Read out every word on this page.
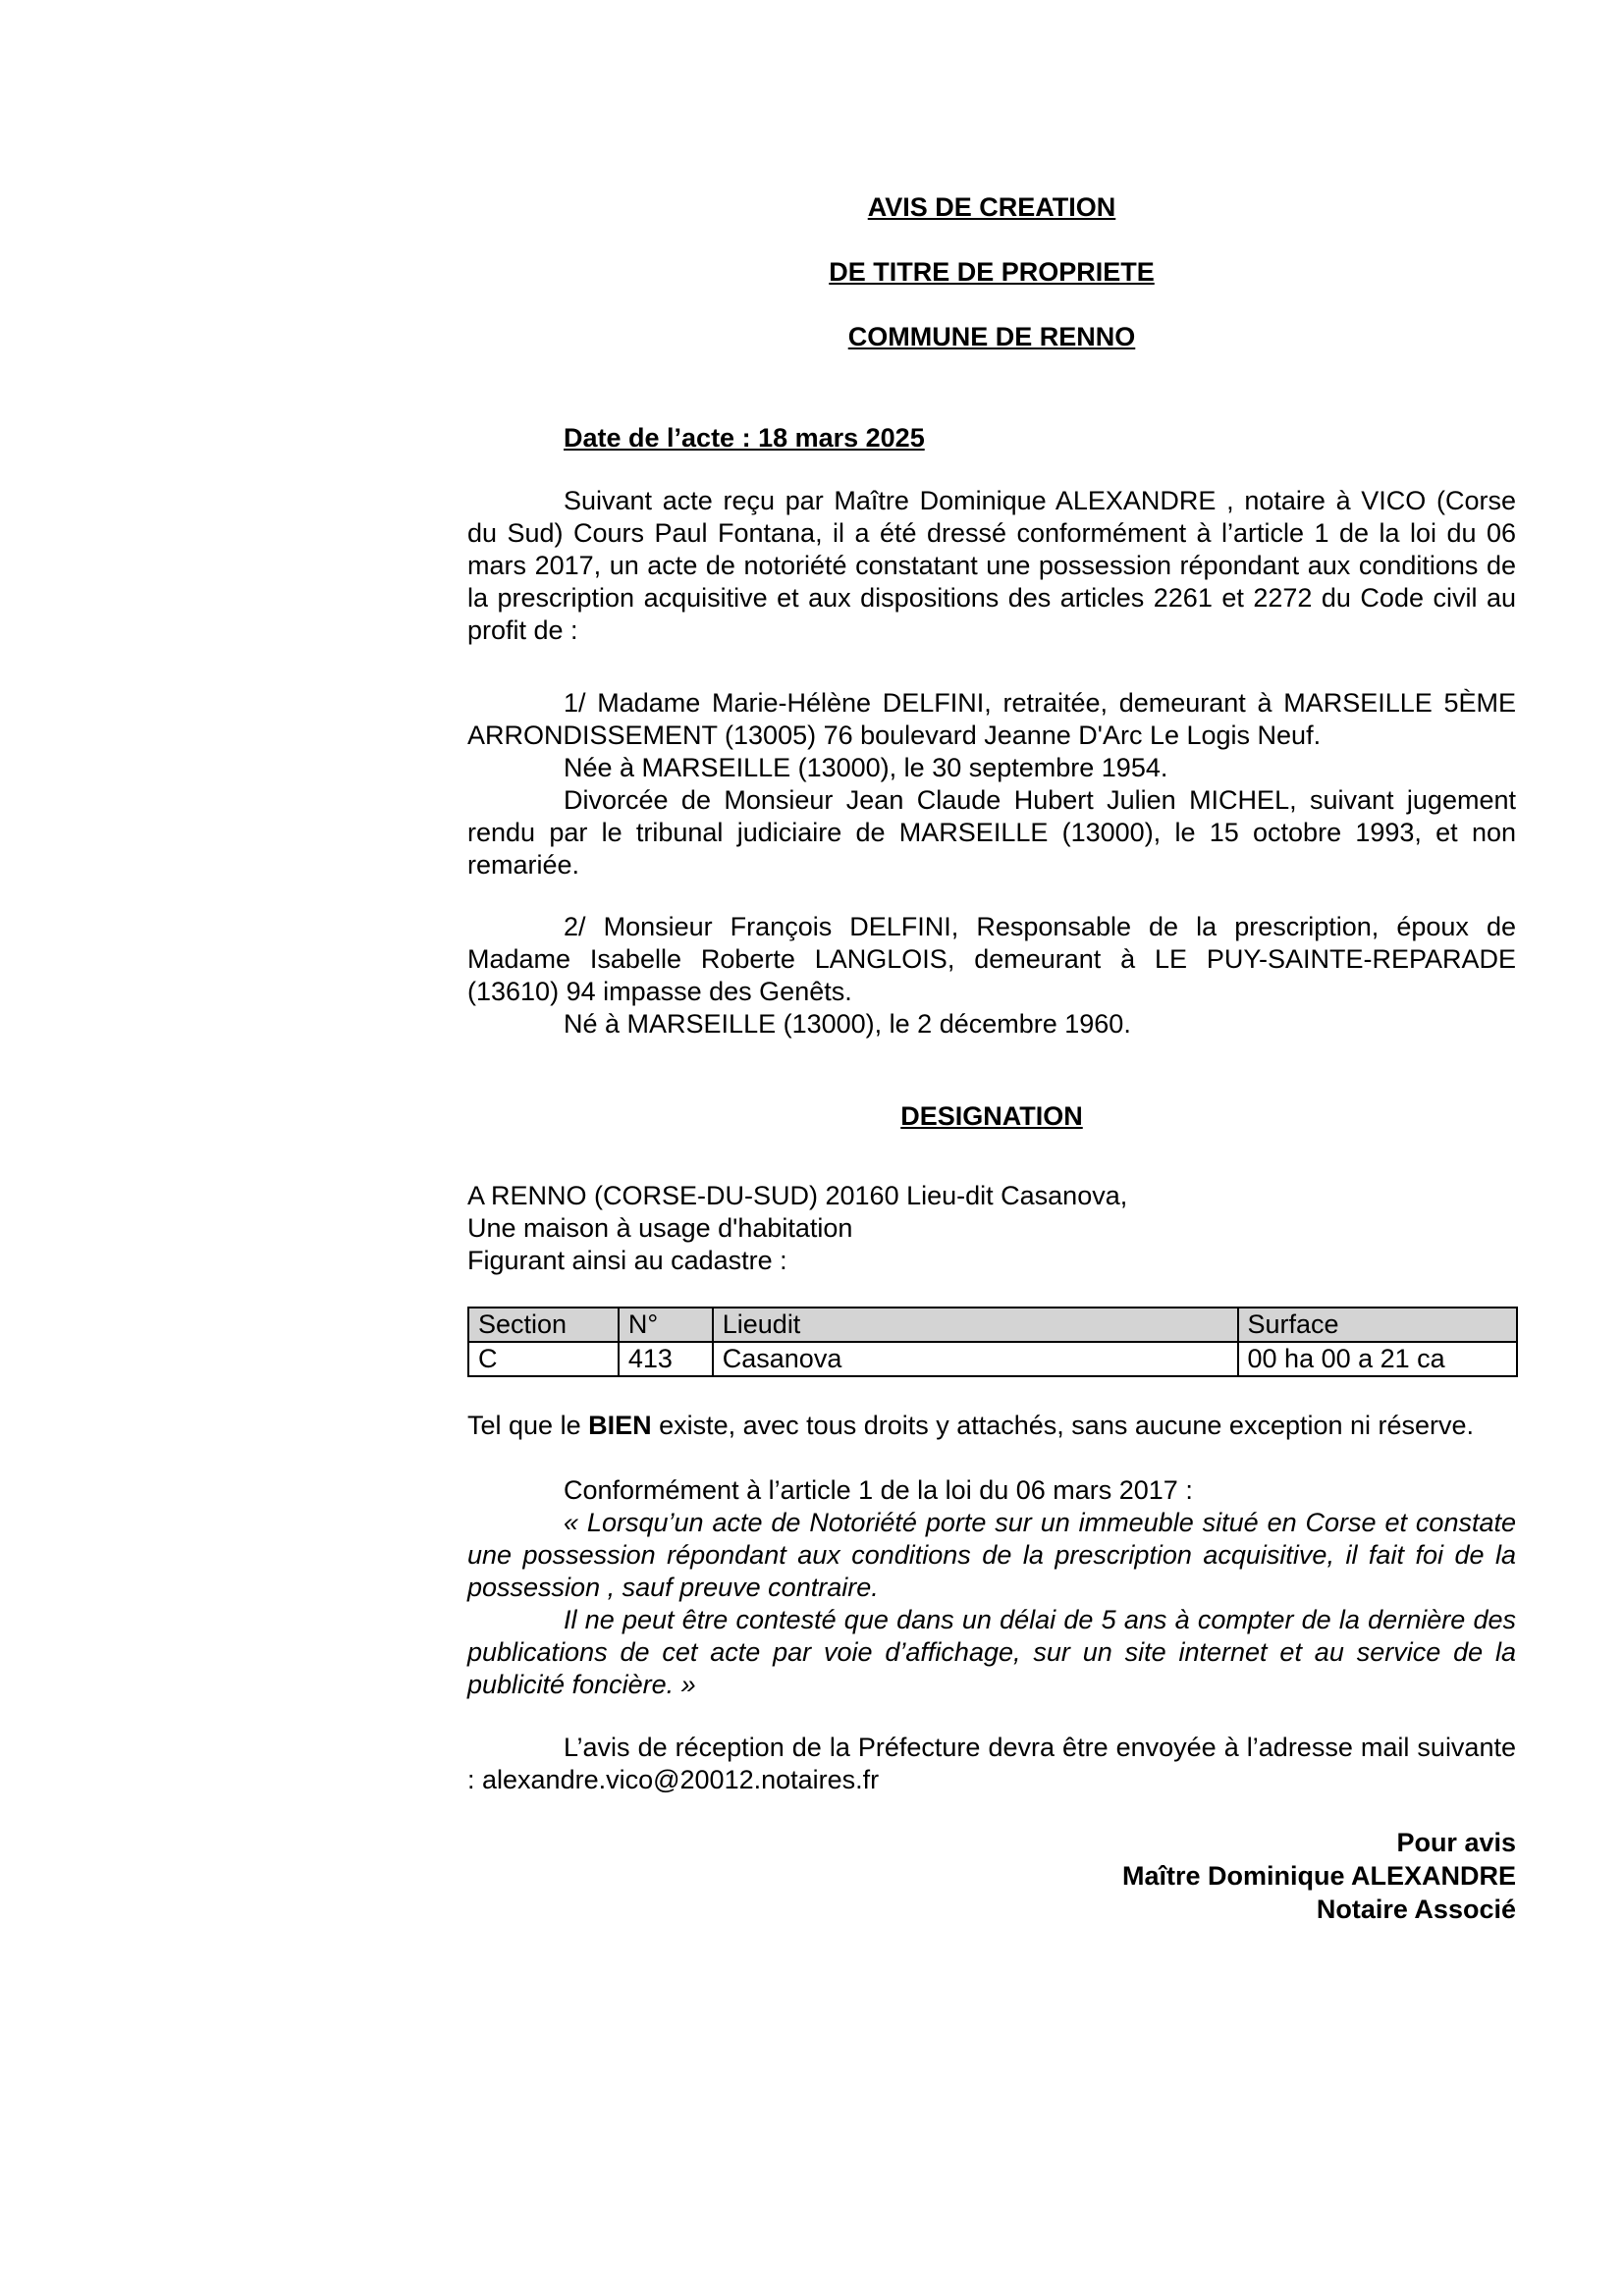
AVIS DE CREATION
DE TITRE DE PROPRIETE
COMMUNE DE RENNO
Date de l’acte : 18 mars 2025
Suivant acte reçu par Maître Dominique ALEXANDRE , notaire à VICO (Corse du Sud) Cours Paul Fontana, il a été dressé conformément à l’article 1 de la loi du 06 mars 2017, un acte de notoriété constatant une possession répondant aux conditions de la prescription acquisitive et aux dispositions des articles 2261 et 2272 du Code civil au profit de :

1/ Madame Marie-Hélène DELFINI, retraitée, demeurant à MARSEILLE 5ÈME ARRONDISSEMENT (13005) 76 boulevard Jeanne D'Arc Le Logis Neuf.

Née à MARSEILLE (13000), le 30 septembre 1954.

Divorcée de Monsieur Jean Claude Hubert Julien MICHEL, suivant jugement rendu par le tribunal judiciaire de MARSEILLE (13000), le 15 octobre 1993, et non remariée.

2/ Monsieur François DELFINI, Responsable de la prescription, époux de Madame Isabelle Roberte LANGLOIS, demeurant à LE PUY-SAINTE-REPARADE (13610) 94 impasse des Genêts.

Né à MARSEILLE (13000), le 2 décembre 1960.

DESIGNATION

A RENNO (CORSE-DU-SUD) 20160 Lieu-dit Casanova,

Une maison à usage d'habitation

Figurant ainsi au cadastre :

Section	N°	Lieudit	Surface
C	413	Casanova	00 ha 00 a 21 ca
Tel que le BIEN existe, avec tous droits y attachés, sans aucune exception ni réserve.

Conformément à l’article 1 de la loi du 06 mars 2017 :

« Lorsqu’un acte de Notoriété porte sur un immeuble situé en Corse et constate une possession répondant aux conditions de la prescription acquisitive, il fait foi de la possession , sauf preuve contraire.

Il ne peut être contesté que dans un délai de 5 ans à compter de la dernière des publications de cet acte par voie d’affichage, sur un site internet et au service de la publicité foncière. »

L’avis de réception de la Préfecture devra être envoyée à l’adresse mail suivante : alexandre.vico@20012.notaires.fr
Pour avis
Maître Dominique ALEXANDRE
Notaire Associé
